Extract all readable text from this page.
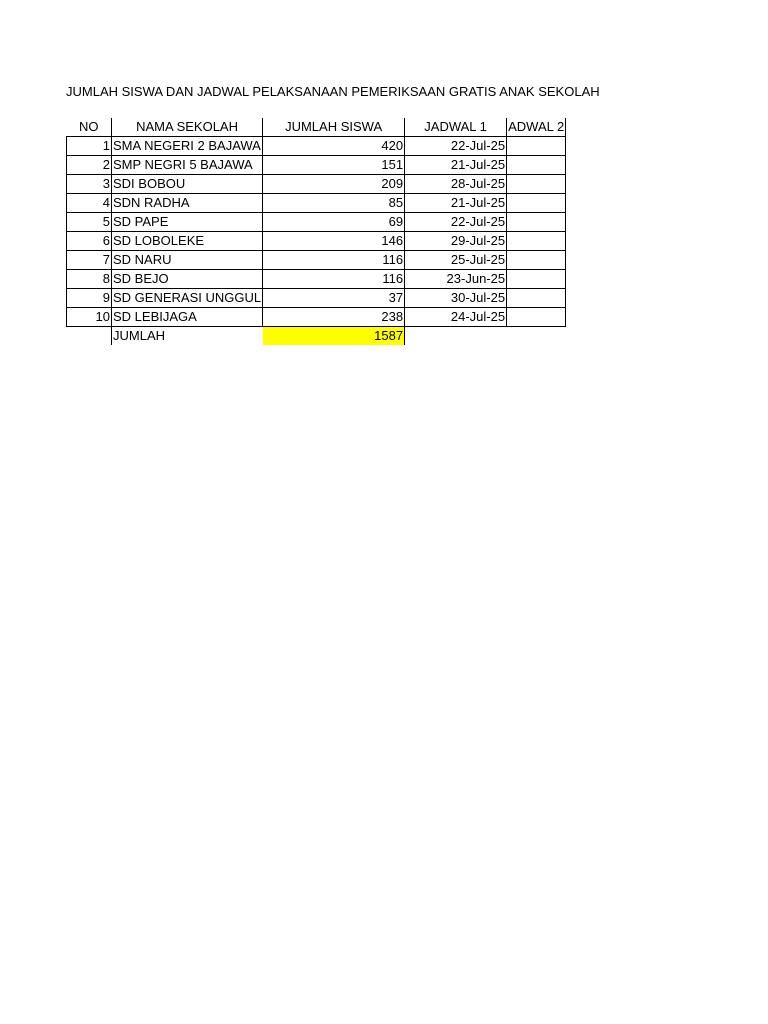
JUMLAH SISWA DAN JADWAL PELAKSANAAN PEMERIKSAAN GRATIS ANAK SEKOLAH
NO	NAMA SEKOLAH	JUMLAH SISWA	JADWAL 1	ADWAL 2
1	SMA NEGERI 2 BAJAWA	420	22-Jul-25	
2	SMP NEGRI 5 BAJAWA	151	21-Jul-25	
3	SDI BOBOU	209	28-Jul-25	
4	SDN RADHA	85	21-Jul-25	
5	SD PAPE	69	22-Jul-25	
6	SD LOBOLEKE	146	29-Jul-25	
7	SD NARU	116	25-Jul-25	
8	SD BEJO	116	23-Jun-25	
9	SD GENERASI UNGGUL	37	30-Jul-25	
10	SD LEBIJAGA	238	24-Jul-25	
	JUMLAH	1587		
